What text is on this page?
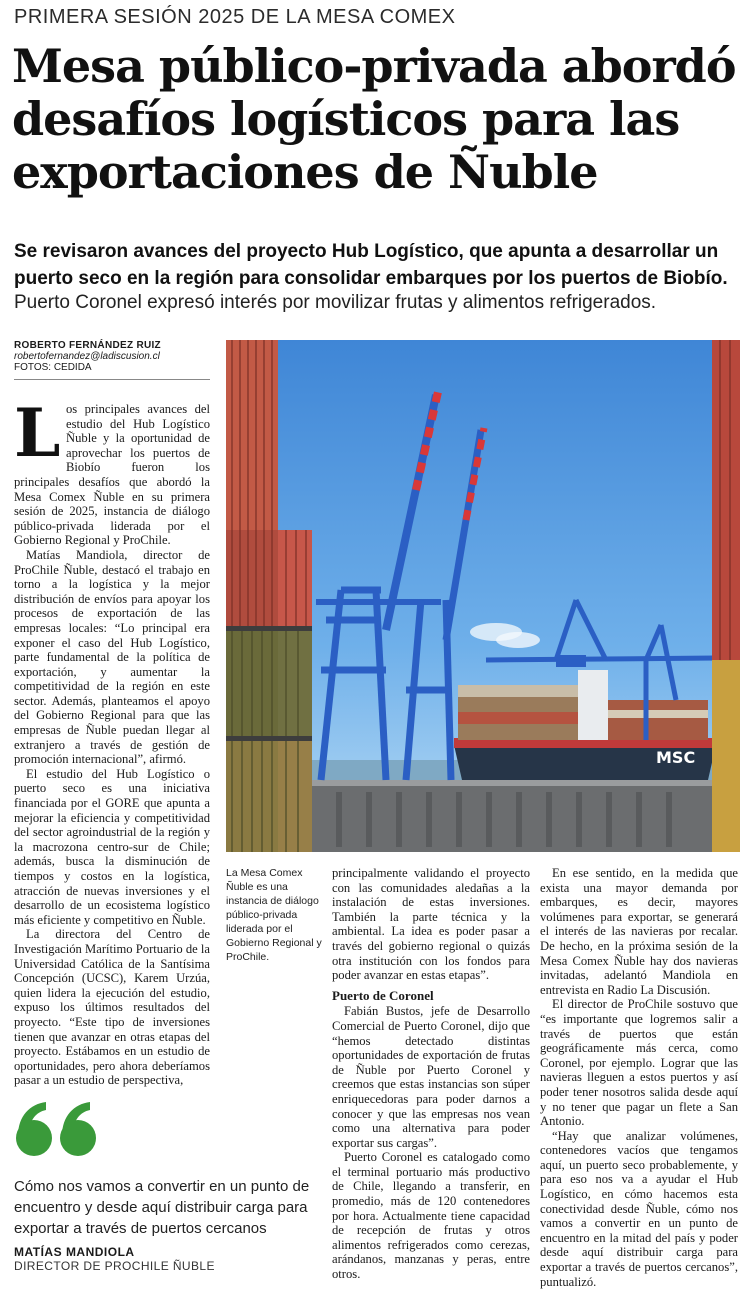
PRIMERA SESIÓN 2025 DE LA MESA COMEX
Mesa público-privada abordó desafíos logísticos para las exportaciones de Ñuble
Se revisaron avances del proyecto Hub Logístico, que apunta a desarrollar un puerto seco en la región para consolidar embarques por los puertos de Biobío.
Puerto Coronel expresó interés por movilizar frutas y alimentos refrigerados.
ROBERTO FERNÁNDEZ RUIZ
robertofernandez@ladiscusion.cl
FOTOS: CEDIDA
MSC
La Mesa Comex Ñuble es una instancia de diálogo público-privada liderada por el Gobierno Regional y ProChile.
L os principales avances del estudio del Hub Logístico Ñuble y la oportunidad de aprovechar los puertos de Biobío fueron los principales desafíos que abordó la Mesa Comex Ñuble en su primera sesión de 2025, instancia de diálogo público-privada liderada por el Gobierno Regional y ProChile.

Matías Mandiola, director de ProChile Ñuble, destacó el trabajo en torno a la logística y la mejor distribución de envíos para apoyar los procesos de exportación de las empresas locales: “Lo principal era exponer el caso del Hub Logístico, parte fundamental de la política de exportación, y aumentar la competitividad de la región en este sector. Además, planteamos el apoyo del Gobierno Regional para que las empresas de Ñuble puedan llegar al extranjero a través de gestión de promoción internacional”, afirmó.

El estudio del Hub Logístico o puerto seco es una iniciativa financiada por el GORE que apunta a mejorar la eficiencia y competitividad del sector agroindustrial de la región y la macrozona centro-sur de Chile; además, busca la disminución de tiempos y costos en la logística, atracción de nuevas inversiones y el desarrollo de un ecosistema logístico más eficiente y competitivo en Ñuble.

La directora del Centro de Investigación Marítimo Portuario de la Universidad Católica de la Santísima Concepción (UCSC), Karem Urzúa, quien lidera la ejecución del estudio, expuso los últimos resultados del proyecto. “Este tipo de inversiones tienen que avanzar en otras etapas del proyecto. Estábamos en un estudio de oportunidades, pero ahora deberíamos pasar a un estudio de perspectiva,

principalmente validando el proyecto con las comunidades aledañas a la instalación de estas inversiones. También la parte técnica y la ambiental. La idea es poder pasar a través del gobierno regional o quizás otra institución con los fondos para poder avanzar en estas etapas”.

Puerto de Coronel

Fabián Bustos, jefe de Desarrollo Comercial de Puerto Coronel, dijo que “hemos detectado distintas oportunidades de exportación de frutas de Ñuble por Puerto Coronel y creemos que estas instancias son súper enriquecedoras para poder darnos a conocer y que las empresas nos vean como una alternativa para poder exportar sus cargas”.

Puerto Coronel es catalogado como el terminal portuario más productivo de Chile, llegando a transferir, en promedio, más de 120 contenedores por hora. Actualmente tiene capacidad de recepción de frutas y otros alimentos refrigerados como cerezas, arándanos, manzanas y peras, entre otros.

En ese sentido, en la medida que exista una mayor demanda por embarques, es decir, mayores volúmenes para exportar, se generará el interés de las navieras por recalar. De hecho, en la próxima sesión de la Mesa Comex Ñuble hay dos navieras invitadas, adelantó Mandiola en entrevista en Radio La Discusión.

El director de ProChile sostuvo que “es importante que logremos salir a través de puertos que están geográficamente más cerca, como Coronel, por ejemplo. Lograr que las navieras lleguen a estos puertos y así poder tener nosotros salida desde aquí y no tener que pagar un flete a San Antonio.

“Hay que analizar volúmenes, contenedores vacíos que tengamos aquí, un puerto seco probablemente, y para eso nos va a ayudar el Hub Logístico, en cómo hacemos esta conectividad desde Ñuble, cómo nos vamos a convertir en un punto de encuentro en la mitad del país y poder desde aquí distribuir carga para exportar a través de puertos cercanos”, puntualizó.

Cómo nos vamos a convertir en un punto de encuentro y desde aquí distribuir carga para exportar a través de puertos cercanos
MATÍAS MANDIOLA
DIRECTOR DE PROCHILE ÑUBLE
